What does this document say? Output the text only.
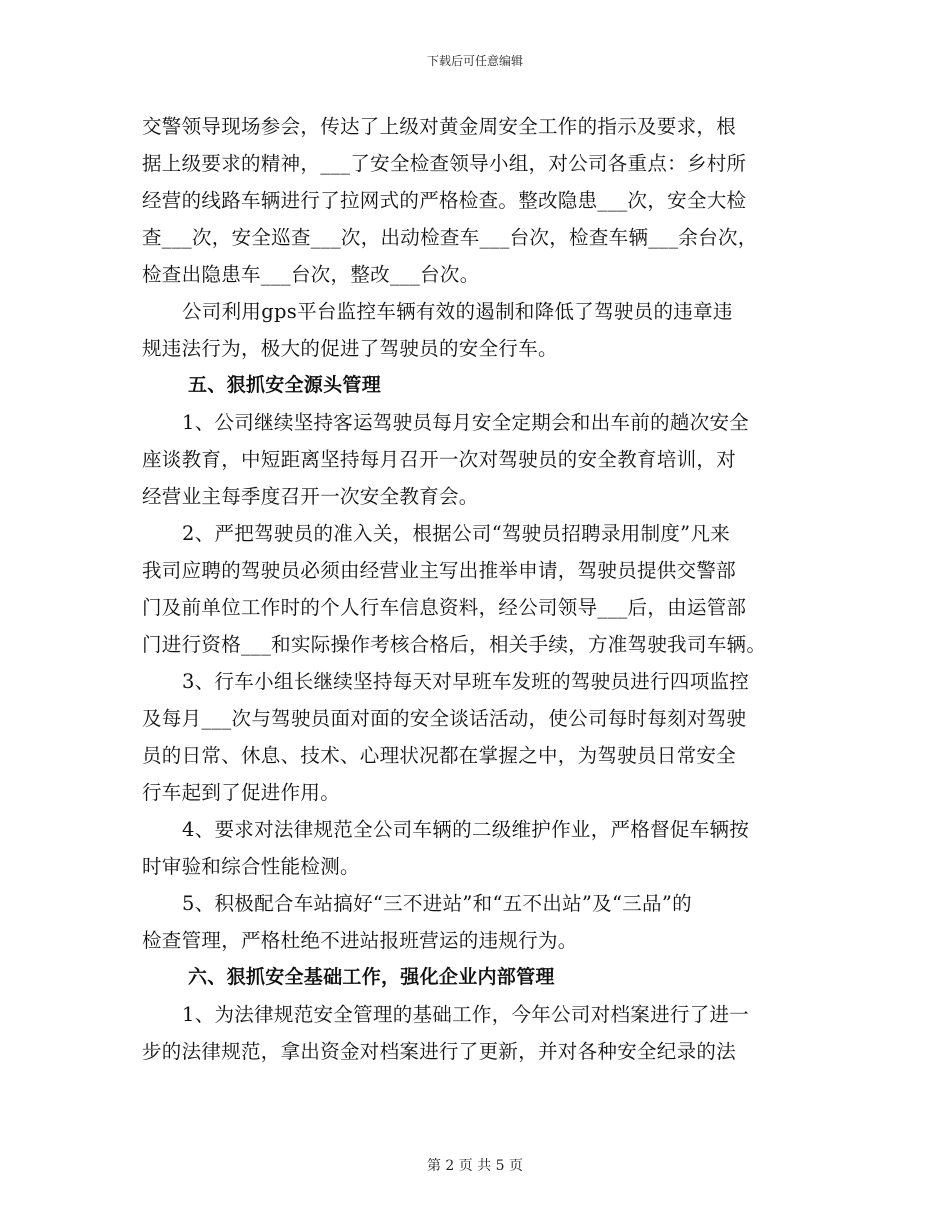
下载后可任意编辑
交警领导现场参会，传达了上级对黄金周安全工作的指示及要求，根
据上级要求的精神，___了安全检查领导小组，对公司各重点：乡村所
经营的线路车辆进行了拉网式的严格检查。整改隐患___次，安全大检
查___次，安全巡查___次，出动检查车___台次，检查车辆___余台次，
检查出隐患车___台次，整改___台次。
公司利用gps平台监控车辆有效的遏制和降低了驾驶员的违章违
规违法行为，极大的促进了驾驶员的安全行车。
五、狠抓安全源头管理
1、公司继续坚持客运驾驶员每月安全定期会和出车前的趟次安全
座谈教育，中短距离坚持每月召开一次对驾驶员的安全教育培训，对
经营业主每季度召开一次安全教育会。
2、严把驾驶员的准入关，根据公司“驾驶员招聘录用制度”凡来
我司应聘的驾驶员必须由经营业主写出推举申请，驾驶员提供交警部
门及前单位工作时的个人行车信息资料，经公司领导___后，由运管部
门进行资格___和实际操作考核合格后，相关手续，方准驾驶我司车辆。
3、行车小组长继续坚持每天对早班车发班的驾驶员进行四项监控
及每月___次与驾驶员面对面的安全谈话活动，使公司每时每刻对驾驶
员的日常、休息、技术、心理状况都在掌握之中，为驾驶员日常安全
行车起到了促进作用。
4、要求对法律规范全公司车辆的二级维护作业，严格督促车辆按
时审验和综合性能检测。
5、积极配合车站搞好“三不进站”和“五不出站”及“三品”的
检查管理，严格杜绝不进站报班营运的违规行为。
六、狠抓安全基础工作，强化企业内部管理
1、为法律规范安全管理的基础工作，今年公司对档案进行了进一
步的法律规范，拿出资金对档案进行了更新，并对各种安全纪录的法
第 2 页 共 5 页
